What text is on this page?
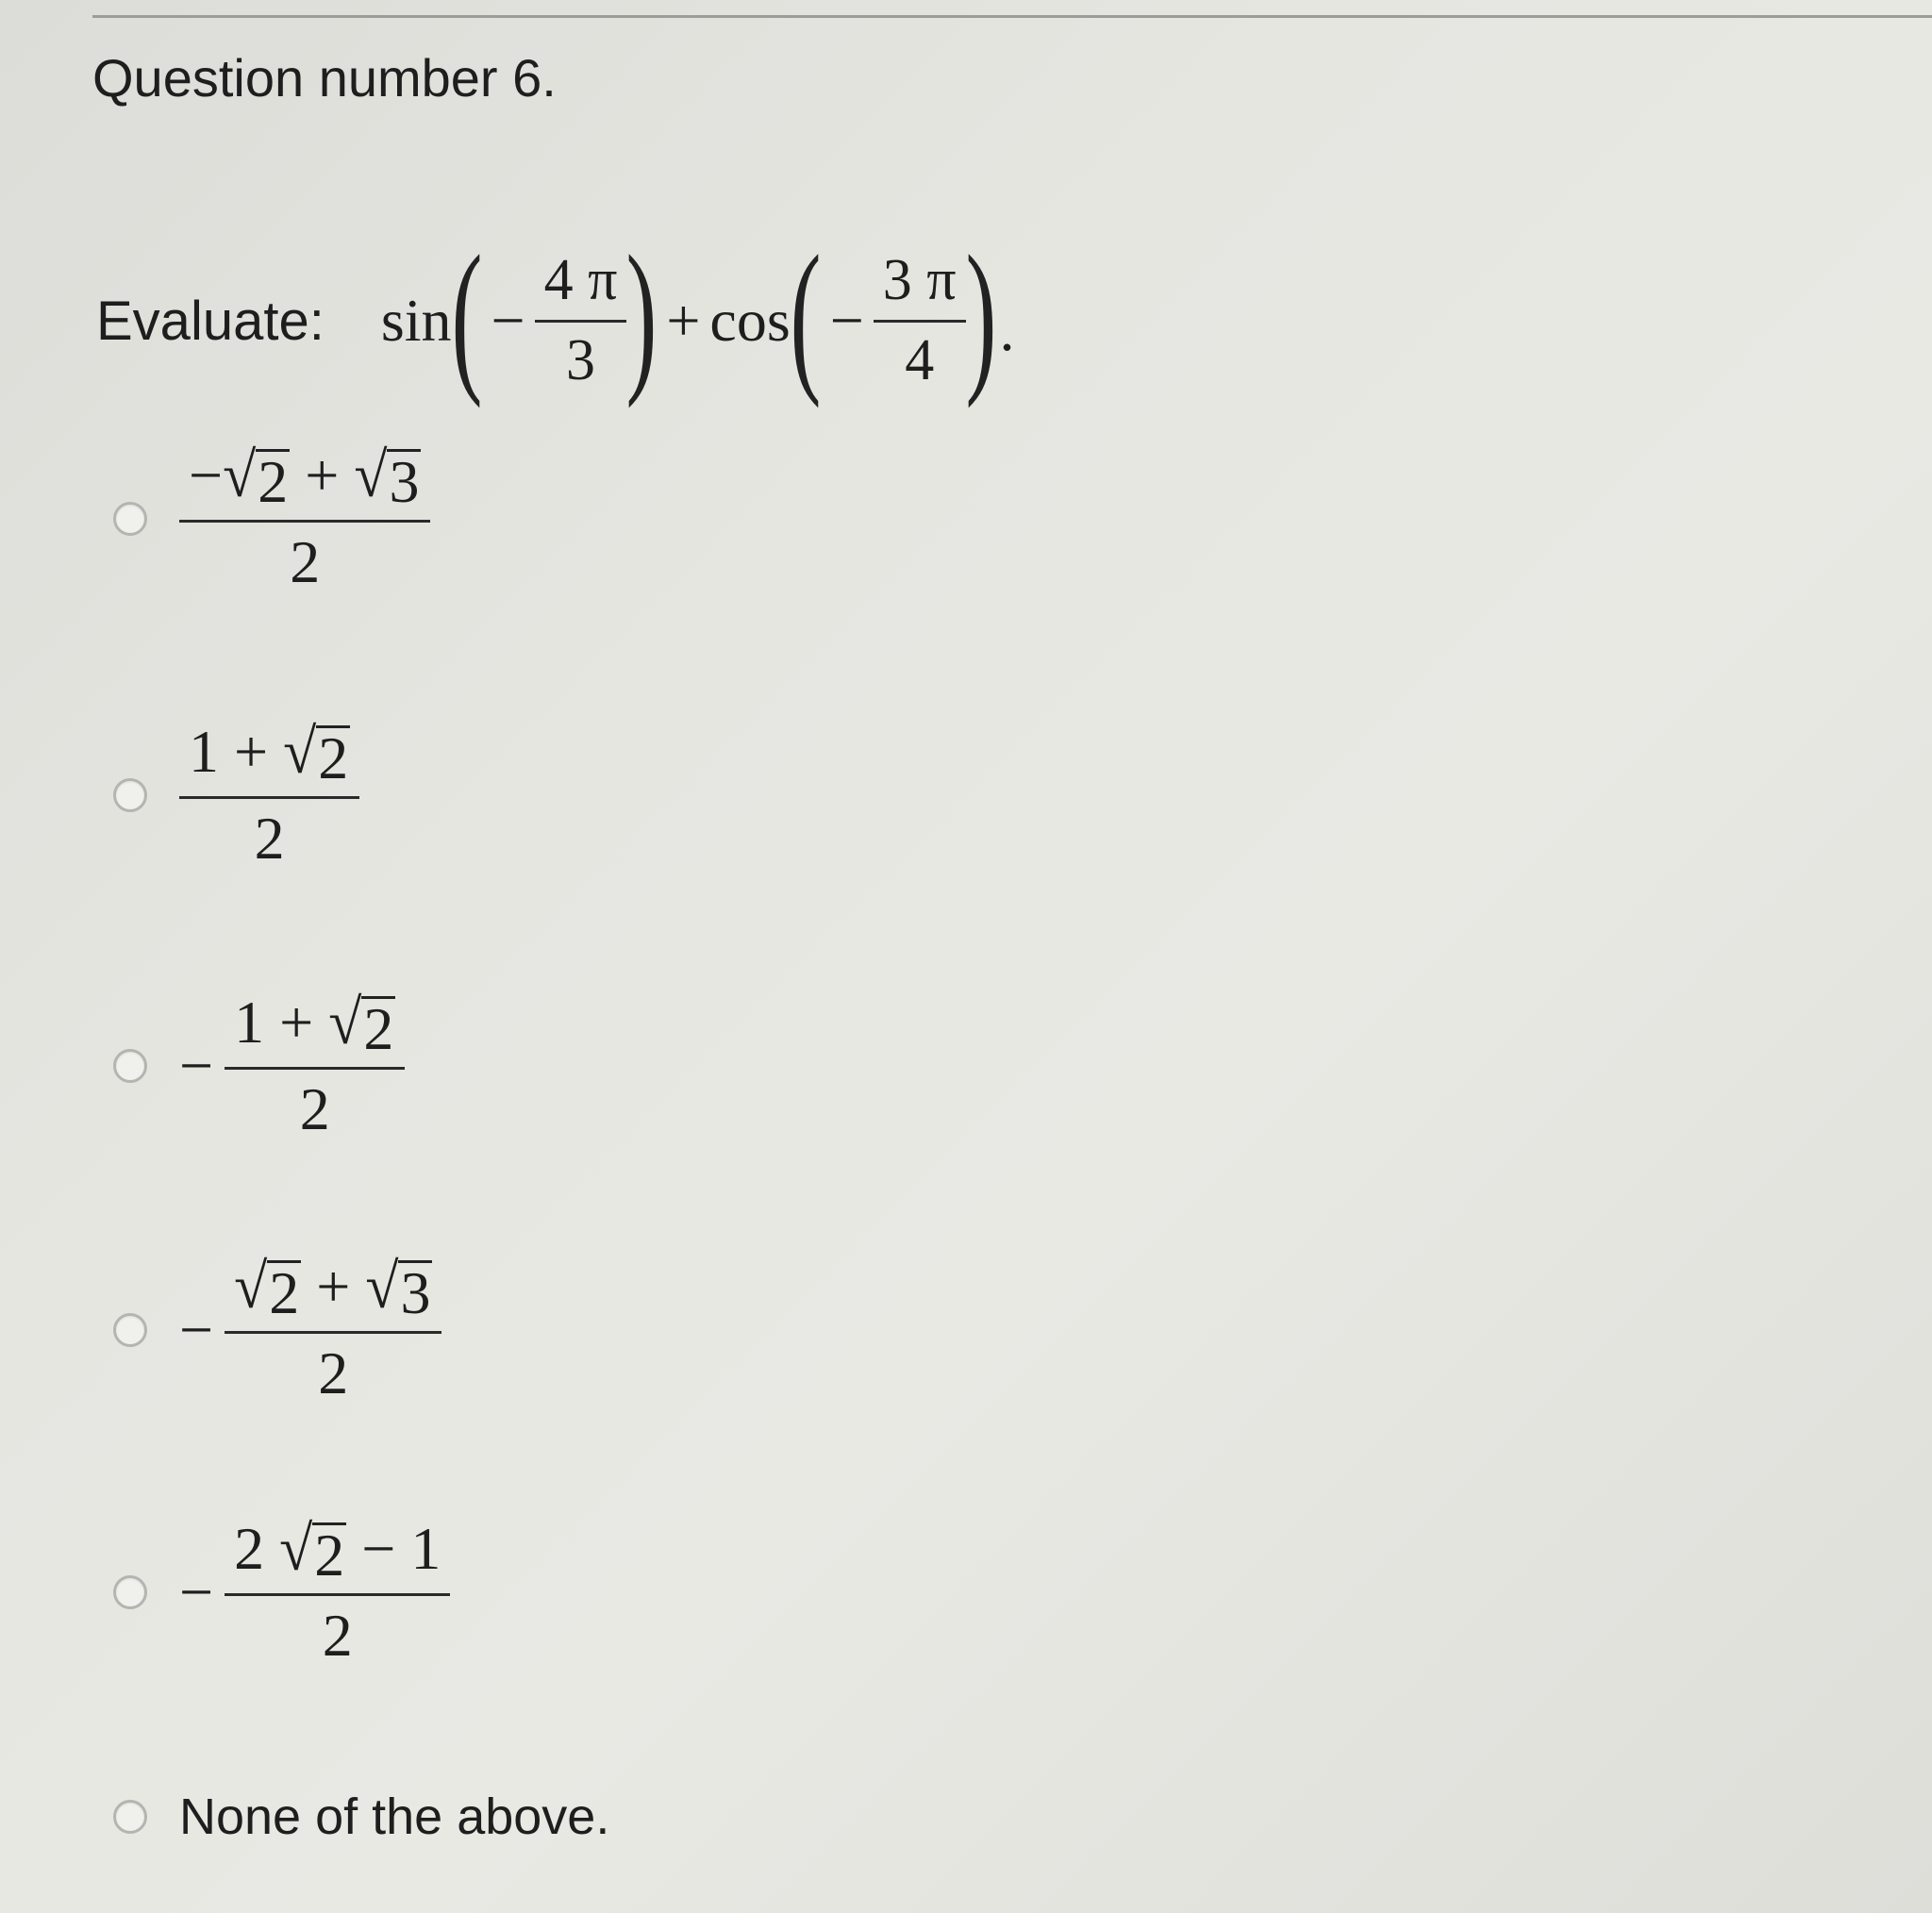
Question number 6.
Evaluate: sin ( − $\frac{4 \pi}{3}$ ) + cos ( − $\frac{3 \pi}{4}$ ) .
$\frac{- √ 2 + √ 3}{2}$
$\frac{1 + √ 2}{2}$
− $\frac{1 + √ 2}{2}$
− $\frac{√ 2 + √ 3}{2}$
− $\frac{2 √ 2 - 1}{2}$
None of the above.
